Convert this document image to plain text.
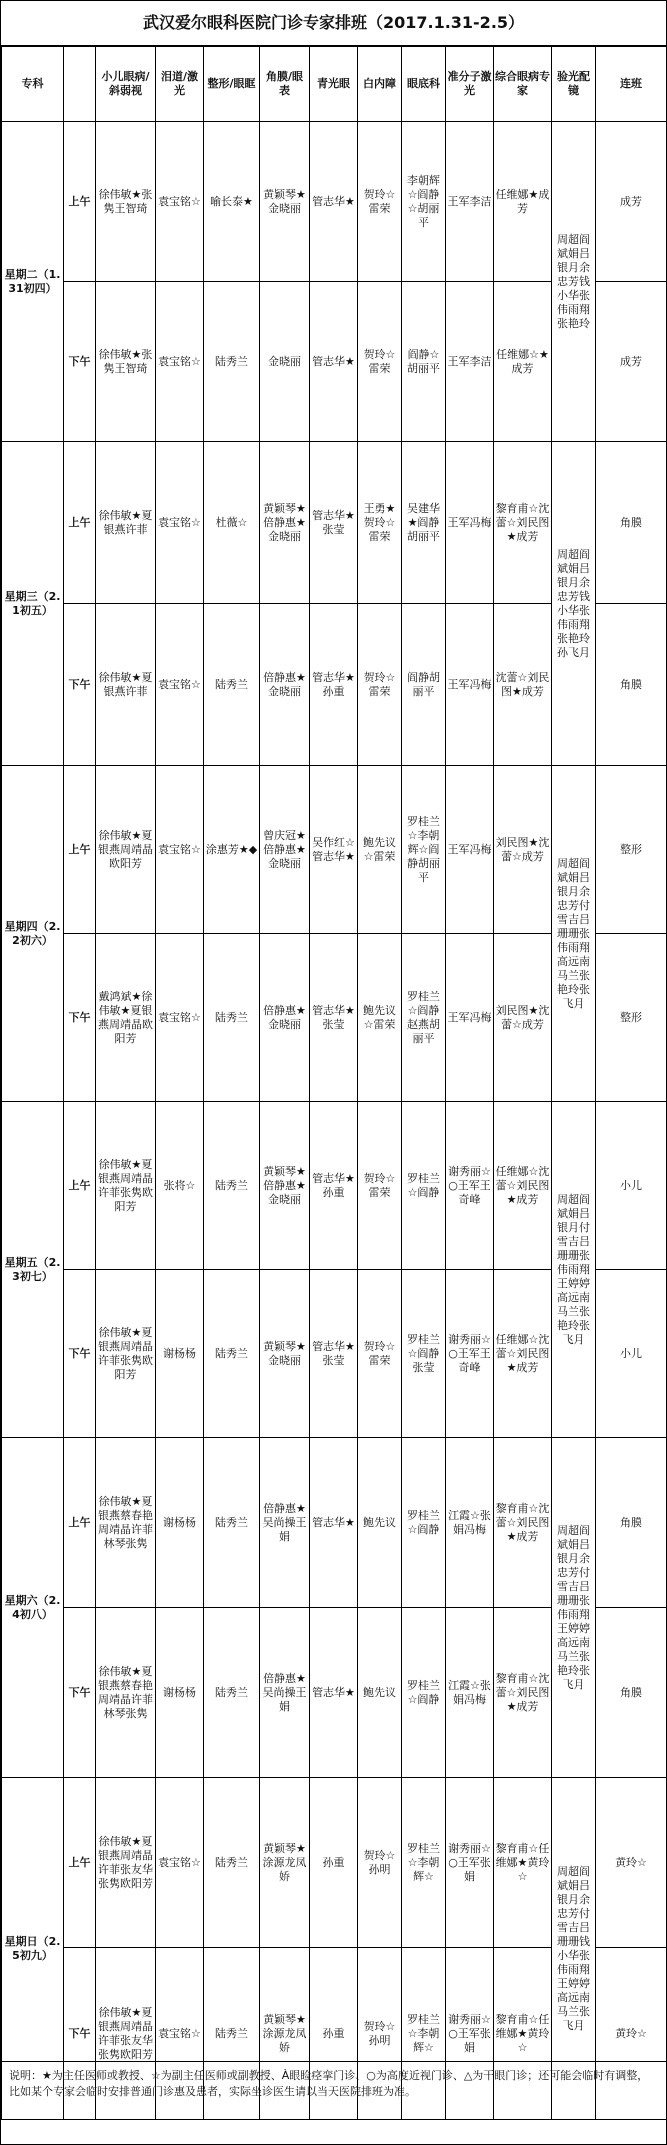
武汉爱尔眼科医院门诊专家排班（2017.1.31-2.5）
专科		小儿眼病/斜弱视	泪道/激光	整形/眼眶	角膜/眼表	青光眼	白内障	眼底科	准分子激光	综合眼病专家	验光配镜	连班
星期二（1.31初四）	上午	徐伟敏★张隽王智琦	袁宝铭☆	喻长泰★	黄颖琴★金晓丽	管志华★	贺玲☆雷荣	李朝辉☆阎静☆胡丽平	王军李洁	任维娜★成芳	周超阎斌娟吕银月余忠芳钱小华张伟雨翔张艳玲	成芳
	下午	徐伟敏★张隽王智琦	袁宝铭☆	陆秀兰	金晓丽	管志华★	贺玲☆雷荣	阎静☆胡丽平	王军李洁	任维娜☆★成芳		成芳
星期三（2.1初五）	上午	徐伟敏★夏银燕许菲	袁宝铭☆	杜薇☆	黄颖琴★倍静惠★金晓丽	管志华★张莹	王勇★贺玲☆雷荣	吴建华★阎静胡丽平	王军冯梅	黎育甫☆沈蕾☆刘民图★成芳	周超阎斌娟吕银月余忠芳钱小华张伟雨翔张艳玲孙飞月	角膜
	下午	徐伟敏★夏银燕许菲	袁宝铭☆	陆秀兰	倍静惠★金晓丽	管志华★孙重	贺玲☆雷荣	阎静胡丽平	王军冯梅	沈蕾☆刘民图★成芳		角膜
星期四（2.2初六）	上午	徐伟敏★夏银燕周靖晶欧阳芳	袁宝铭☆	涂惠芳★◆	曾庆冠★倍静惠★金晓丽	吴作红☆管志华★	鲍先议☆雷荣	罗桂兰☆李朝辉☆阎静胡丽平	王军冯梅	刘民图★沈蕾☆成芳	周超阎斌娟吕银月余忠芳付雪吉吕珊珊张伟雨翔高远南马兰张艳玲张飞月	整形
	下午	戴鸿斌★徐伟敏★夏银燕周靖晶欧阳芳	袁宝铭☆	陆秀兰	倍静惠★金晓丽	管志华★张莹	鲍先议☆雷荣	罗桂兰☆阎静赵燕胡丽平	王军冯梅	刘民图★沈蕾☆成芳		整形
星期五（2.3初七）	上午	徐伟敏★夏银燕周靖晶许菲张隽欧阳芳	张将☆	陆秀兰	黄颖琴★倍静惠★金晓丽	管志华★孙重	贺玲☆雷荣	罗桂兰☆阎静	谢秀丽☆○王军王奇峰	任维娜☆沈蕾☆刘民图★成芳	周超阎斌娟吕银月付雪吉吕珊珊张伟雨翔王婷婷高远南马兰张艳玲张飞月	小儿
	下午	徐伟敏★夏银燕周靖晶许菲张隽欧阳芳	谢杨杨	陆秀兰	黄颖琴★金晓丽	管志华★张莹	贺玲☆雷荣	罗桂兰☆阎静张莹	谢秀丽☆○王军王奇峰	任维娜☆沈蕾☆刘民图★成芳		小儿
星期六（2.4初八）	上午	徐伟敏★夏银燕蔡春艳周靖晶许菲林琴张隽	谢杨杨	陆秀兰	倍静惠★吴尚操王娟	管志华★	鲍先议	罗桂兰☆阎静	江霞☆张娟冯梅	黎育甫☆沈蕾☆刘民图★成芳	周超阎斌娟吕银月余忠芳付雪吉吕珊珊张伟雨翔王婷婷高远南马兰张艳玲张飞月	角膜
	下午	徐伟敏★夏银燕蔡春艳周靖晶许菲林琴张隽	谢杨杨	陆秀兰	倍静惠★吴尚操王娟	管志华★	鲍先议	罗桂兰☆阎静	江霞☆张娟冯梅	黎育甫☆沈蕾☆刘民图★成芳		角膜
星期日（2.5初九）	上午	徐伟敏★夏银燕周靖晶许菲张友华张隽欧阳芳	袁宝铭☆	陆秀兰	黄颖琴★涂源龙凤娇	孙重	贺玲☆孙明	罗桂兰☆李朝辉☆	谢秀丽☆○王军张娟	黎育甫☆任维娜★黄玲☆	周超阎斌娟吕银月余忠芳付雪吉吕珊珊钱小华张伟雨翔王婷婷高远南马兰张飞月	黄玲☆
	下午	徐伟敏★夏银燕周靖晶许菲张友华张隽欧阳芳	袁宝铭☆	陆秀兰	黄颖琴★涂源龙凤娇	孙重	贺玲☆孙明	罗桂兰☆李朝辉☆	谢秀丽☆○王军张娟	黎育甫☆任维娜★黄玲☆		黄玲☆
说明：★为主任医师或教授、☆为副主任医师或副教授、À眼睑痉挛门诊、○为高度近视门诊、△为干眼门诊；还可能会临时有调整，比如某个专家会临时安排普通门诊惠及患者，实际坐诊医生请以当天医院排班为准。
